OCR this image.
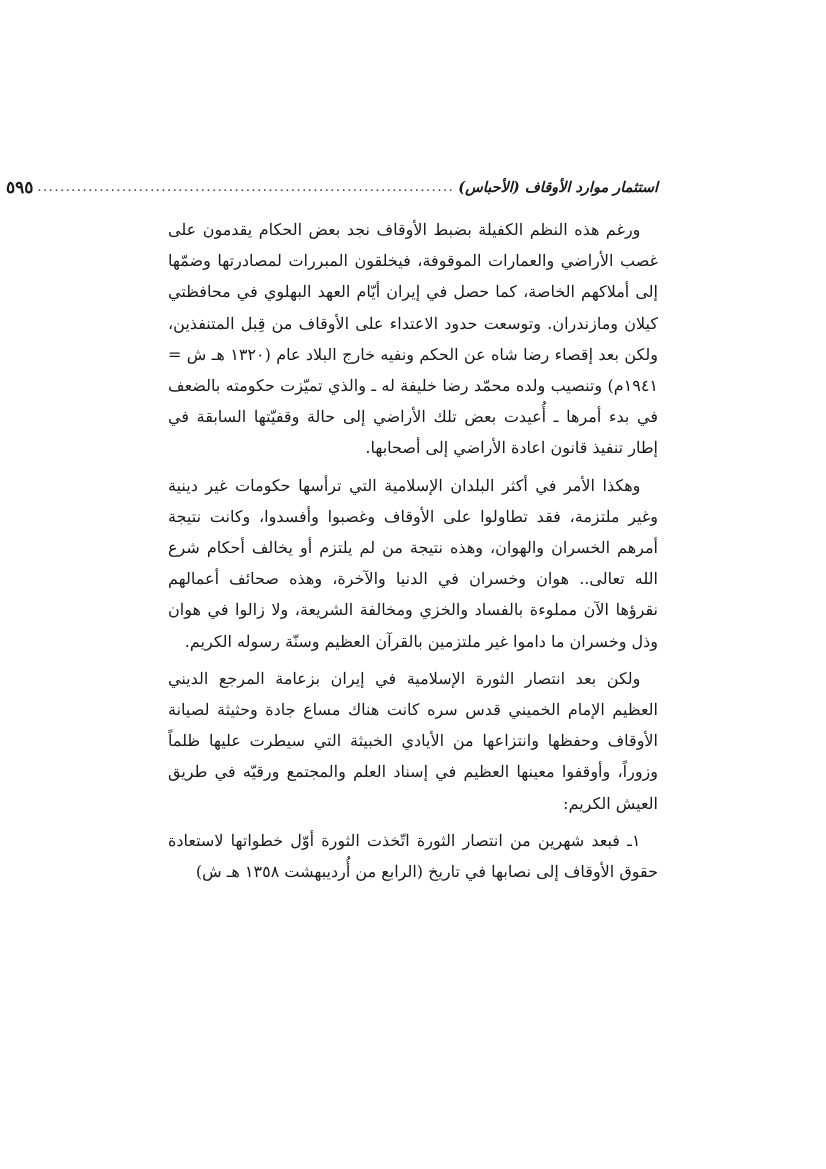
استثمار موارد الأوقاف (الأحباس)
..........................................................................
٥٩٥

ورغم هذه النظم الكفيلة بضبط الأوقاف نجد بعض الحكام يقدمون على غصب الأراضي والعمارات الموقوفة، فيخلقون المبررات لمصادرتها وضمّها إلى أملاكهم الخاصة، كما حصل في إيران أيّام العهد البهلوي في محافظتي كيلان ومازندران. وتوسعت حدود الاعتداء على الأوقاف من قِبل المتنفذين، ولكن بعد إقصاء رضا شاه عن الحكم ونفيه خارج البلاد عام (١٣٢٠ هـ ش = ١٩٤١م) وتنصيب ولده محمّد رضا خليفة له ـ والذي تميّزت حكومته بالضعف في بدء أمرها ـ أُعيدت بعض تلك الأراضي إلى حالة وقفيّتها السابقة في إطار تنفيذ قانون اعادة الأراضي إلى أصحابها.

وهكذا الأمر في أكثر البلدان الإسلامية التي ترأسها حكومات غير دينية وغير ملتزمة، فقد تطاولوا على الأوقاف وغصبوا وأفسدوا، وكانت نتيجة أمرهم الخسران والهوان، وهذه نتيجة من لم يلتزم أو يخالف أحكام شرع الله تعالى.. هوان وخسران في الدنيا والآخرة، وهذه صحائف أعمالهم نقرؤها الآن مملوءة بالفساد والخزي ومخالفة الشريعة، ولا زالوا في هوان وذل وخسران ما داموا غير ملتزمين بالقرآن العظيم وسنّة رسوله الكريم.

ولكن بعد انتصار الثورة الإسلامية في إيران بزعامة المرجع الديني العظيم الإمام الخميني قدس سره كانت هناك مساع جادة وحثيثة لصيانة الأوقاف وحفظها وانتزاعها من الأيادي الخبيثة التي سيطرت عليها ظلماً وزوراً، وأوقفوا معينها العظيم في إسناد العلم والمجتمع ورقيّه في طريق العيش الكريم:

١ـ فبعد شهرين من انتصار الثورة اتّخذت الثورة أوّل خطواتها لاستعادة حقوق الأوقاف إلى نصابها في تاريخ (الرابع من أُرديبهشت ١٣٥٨ هـ ش)
